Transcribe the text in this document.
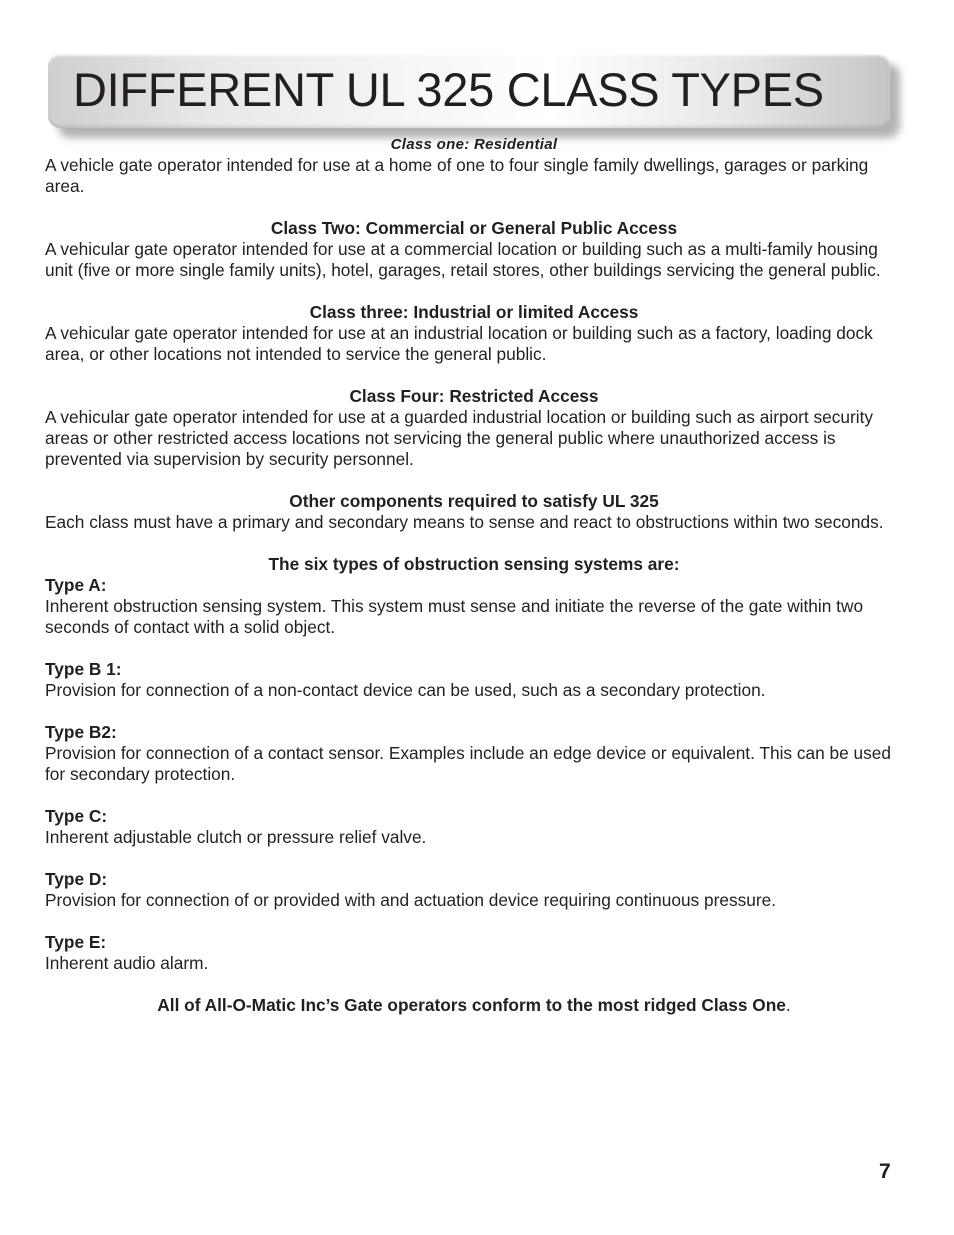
DIFFERENT UL 325 CLASS TYPES

Class one: Residential

A vehicle gate operator intended for use at a home of one to four single family dwellings, garages or parking area.

Class Two: Commercial or General Public Access

A vehicular gate operator intended for use at a commercial location or building such as a multi-family housing unit (five or more single family units), hotel, garages, retail stores, other buildings servicing the general public.

Class three: Industrial or limited Access

A vehicular gate operator intended for use at an industrial location or building such as a factory, loading dock area, or other locations not intended to service the general public.

Class Four: Restricted Access

A vehicular gate operator intended for use at a guarded industrial location or building such as airport security areas or other restricted access locations not servicing the general public where unauthorized access is prevented via supervision by security personnel.

Other components required to satisfy UL 325

Each class must have a primary and secondary means to sense and react to obstructions within two seconds.

The six types of obstruction sensing systems are:

Type A:

Inherent obstruction sensing system. This system must sense and initiate the reverse of the gate within two seconds of contact with a solid object.

Type B 1:

Provision for connection of a non-contact device can be used, such as a secondary protection.

Type B2:

Provision for connection of a contact sensor. Examples include an edge device or equivalent. This can be used for secondary protection.

Type C:

Inherent adjustable clutch or pressure relief valve.

Type D:

Provision for connection of or provided with and actuation device requiring continuous pressure.

Type E:

Inherent audio alarm.

All of All-O-Matic Inc’s Gate operators conform to the most ridged Class One.

7
